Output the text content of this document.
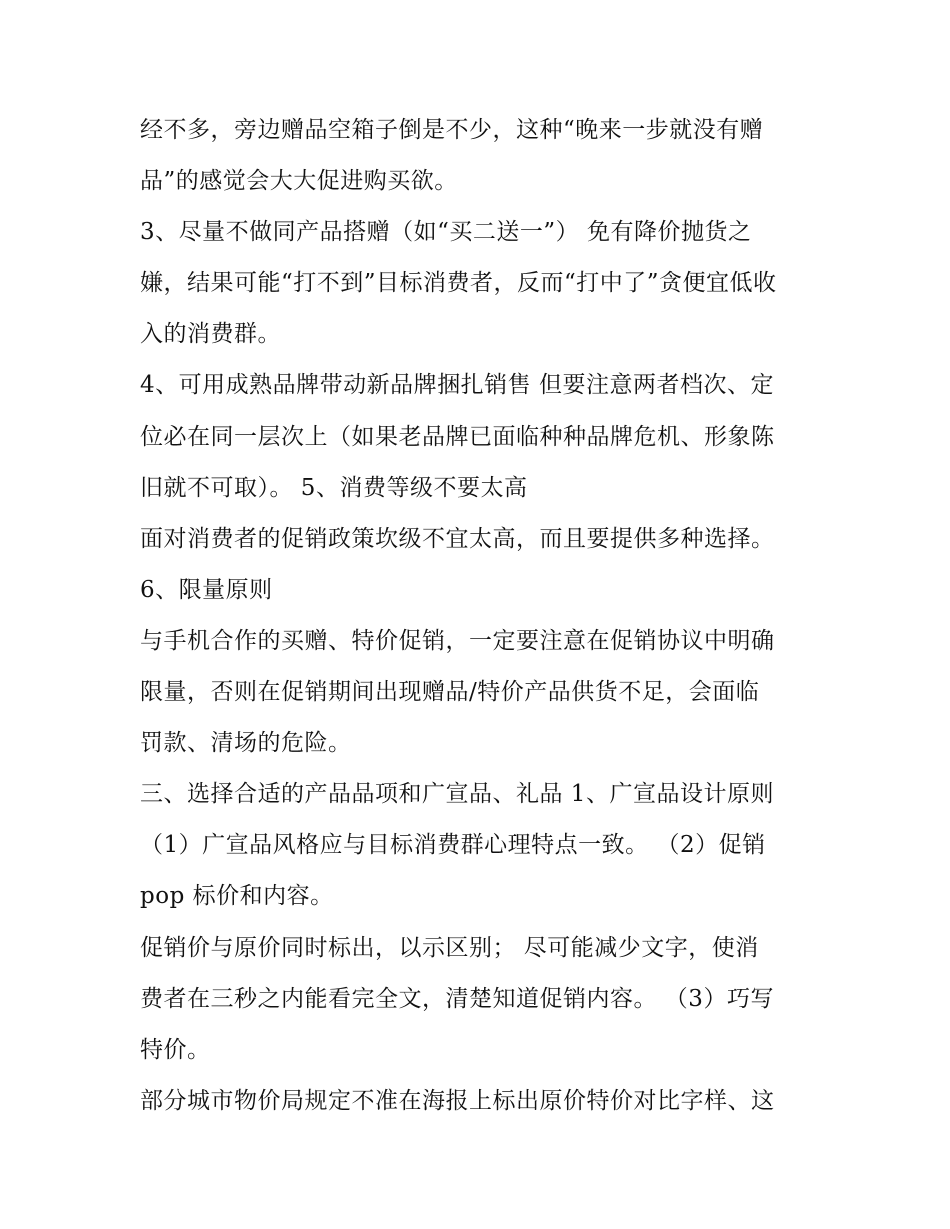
经不多，旁边赠品空箱子倒是不少，这种“晚来一步就没有赠
品”的感觉会大大促进购买欲。
3、尽量不做同产品搭赠（如“买二送一”） 免有降价抛货之
嫌，结果可能“打不到”目标消费者，反而“打中了”贪便宜低收
入的消费群。
4、可用成熟品牌带动新品牌捆扎销售 但要注意两者档次、定
位必在同一层次上（如果老品牌已面临种种品牌危机、形象陈
旧就不可取）。 5、消费等级不要太高
面对消费者的促销政策坎级不宜太高，而且要提供多种选择。
6、限量原则
与手机合作的买赠、特价促销，一定要注意在促销协议中明确
限量，否则在促销期间出现赠品/特价产品供货不足，会面临
罚款、清场的危险。
三、选择合适的产品品项和广宣品、礼品 1、广宣品设计原则
（1）广宣品风格应与目标消费群心理特点一致。 （2）促销
pop 标价和内容。
促销价与原价同时标出，以示区别； 尽可能减少文字，使消
费者在三秒之内能看完全文，清楚知道促销内容。 （3）巧写
特价。
部分城市物价局规定不准在海报上标出原价特价对比字样、这
